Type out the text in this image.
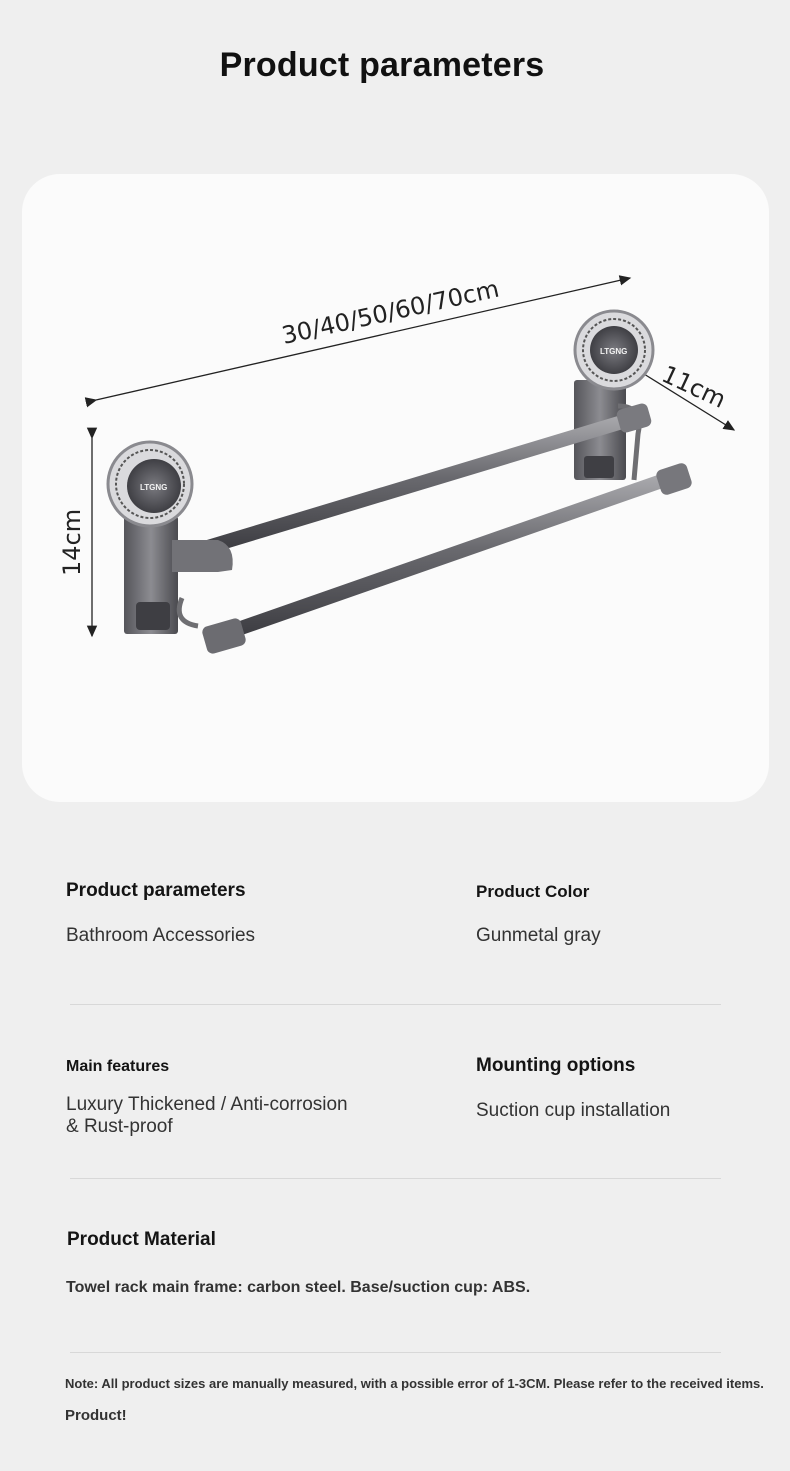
Product parameters
30/40/50/60/70cm
11cm
14cm
LTGNG
LTGNG
Product parameters
Bathroom Accessories
Product Color
Gunmetal gray
Main features
Luxury Thickened / Anti-corrosion
& Rust-proof
Mounting options
Suction cup installation
Product Material
Towel rack main frame: carbon steel. Base/suction cup: ABS.
Note: All product sizes are manually measured, with a possible error of 1-3CM. Please refer to the received items.
Product!
